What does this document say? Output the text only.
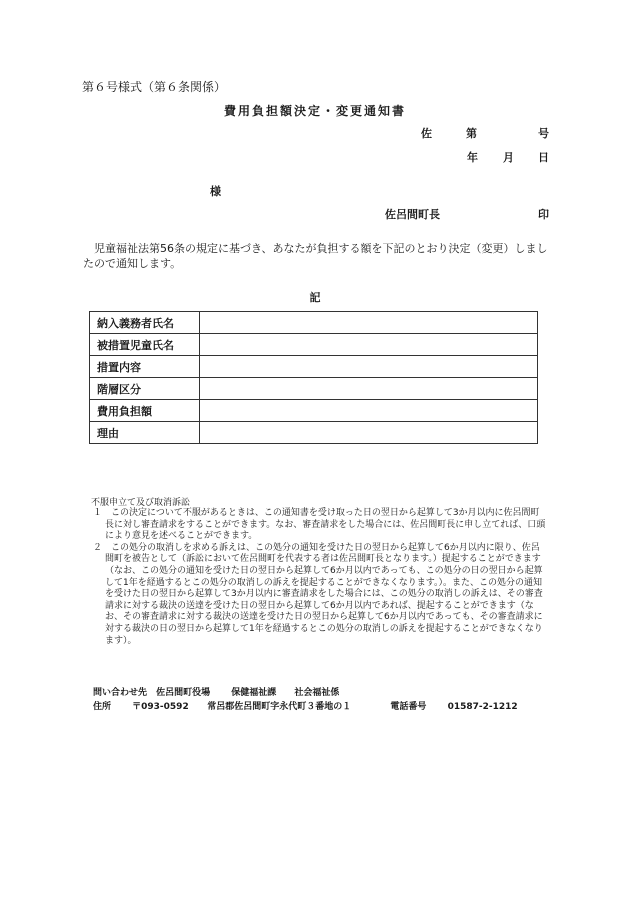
第６号様式（第６条関係）
費用負担額決定・変更通知書
佐	第	号
年 月 日
様
佐呂間町長	印
児童福祉法第56条の規定に基づき、あなたが負担する額を下記のとおり決定（変更）しましたので通知します。
記
納入義務者氏名	
被措置児童氏名	
措置内容	
階層区分	
費用負担額	
理由	
不服申立て及び取消訴訟

１　この決定について不服があるときは、この通知書を受け取った日の翌日から起算して3か月以内に佐呂間町長に対し審査請求をすることができます。なお、審査請求をした場合には、佐呂間町長に申し立てれば、口頭により意見を述べることができます。

２　この処分の取消しを求める訴えは、この処分の通知を受けた日の翌日から起算して6か月以内に限り、佐呂間町を被告として（訴訟において佐呂間町を代表する者は佐呂間町長となります。）提起することができます（なお、この処分の通知を受けた日の翌日から起算して6か月以内であっても、この処分の日の翌日から起算して1年を経過するとこの処分の取消しの訴えを提起することができなくなります。）。また、この処分の通知を受けた日の翌日から起算して3か月以内に審査請求をした場合には、この処分の取消しの訴えは、その審査請求に対する裁決の送達を受けた日の翌日から起算して6か月以内であれば、提起することができます（なお、その審査請求に対する裁決の送達を受けた日の翌日から起算して6か月以内であっても、その審査請求に対する裁決の日の翌日から起算して1年を経過するとこの処分の取消しの訴えを提起することができなくなります）。

問い合わせ先 佐呂間町役場 保健福祉課 社会福祉係
住所 〒093-0592 常呂郡佐呂間町字永代町３番地の１	電話番号 01587-2-1212
